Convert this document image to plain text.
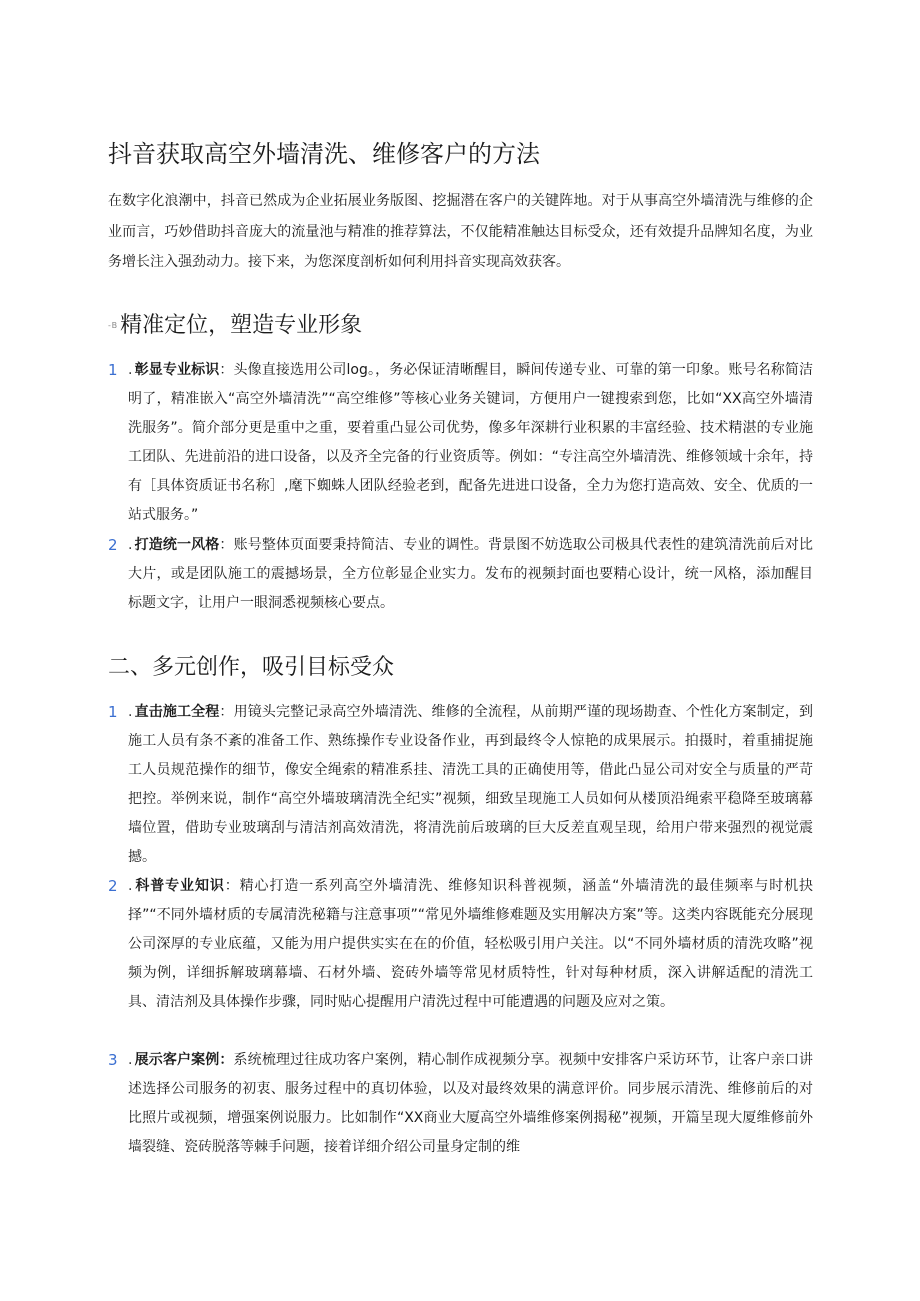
抖音获取高空外墙清洗、维修客户的方法

在数字化浪潮中，抖音已然成为企业拓展业务版图、挖掘潜在客户的关键阵地。对于从事高空外墙清洗与维修的企业而言，巧妙借助抖音庞大的流量池与精准的推荐算法，不仅能精准触达目标受众，还有效提升品牌知名度，为业务增长注入强劲动力。接下来，为您深度剖析如何利用抖音实现高效获客。

-B精准定位，塑造专业形象
1 . 彰显专业标识：头像直接选用公司log。，务必保证清晰醒目，瞬间传递专业、可靠的第一印象。账号名称简洁明了，精准嵌入“高空外墙清洗”“高空维修”等核心业务关键词，方便用户一键搜索到您，比如“XX高空外墙清洗服务”。简介部分更是重中之重，要着重凸显公司优势，像多年深耕行业积累的丰富经验、技术精湛的专业施工团队、先进前沿的进口设备，以及齐全完备的行业资质等。例如：“专注高空外墙清洗、维修领域十余年，持有［具体资质证书名称］,麾下蜘蛛人团队经验老到，配备先进进口设备，全力为您打造高效、安全、优质的一站式服务。”
2 . 打造统一风格：账号整体页面要秉持简洁、专业的调性。背景图不妨选取公司极具代表性的建筑清洗前后对比大片，或是团队施工的震撼场景，全方位彰显企业实力。发布的视频封面也要精心设计，统一风格，添加醒目标题文字，让用户一眼洞悉视频核心要点。
二、多元创作，吸引目标受众
1 . 直击施工全程：用镜头完整记录高空外墙清洗、维修的全流程，从前期严谨的现场勘查、个性化方案制定，到施工人员有条不紊的准备工作、熟练操作专业设备作业，再到最终令人惊艳的成果展示。拍摄时，着重捕捉施工人员规范操作的细节，像安全绳索的精准系挂、清洗工具的正确使用等，借此凸显公司对安全与质量的严苛把控。举例来说，制作“高空外墙玻璃清洗全纪实”视频，细致呈现施工人员如何从楼顶沿绳索平稳降至玻璃幕墙位置，借助专业玻璃刮与清洁剂高效清洗，将清洗前后玻璃的巨大反差直观呈现，给用户带来强烈的视觉震撼。
2 . 科普专业知识：精心打造一系列高空外墙清洗、维修知识科普视频，涵盖“外墙清洗的最佳频率与时机抉择”“不同外墙材质的专属清洗秘籍与注意事项”“常见外墙维修难题及实用解决方案”等。这类内容既能充分展现公司深厚的专业底蕴，又能为用户提供实实在在的价值，轻松吸引用户关注。以“不同外墙材质的清洗攻略”视频为例，详细拆解玻璃幕墙、石材外墙、瓷砖外墙等常见材质特性，针对每种材质，深入讲解适配的清洗工具、清洁剂及具体操作步骤，同时贴心提醒用户清洗过程中可能遭遇的问题及应对之策。
3 . 展示客户案例：系统梳理过往成功客户案例，精心制作成视频分享。视频中安排客户采访环节，让客户亲口讲述选择公司服务的初衷、服务过程中的真切体验，以及对最终效果的满意评价。同步展示清洗、维修前后的对比照片或视频，增强案例说服力。比如制作“XX商业大厦高空外墙维修案例揭秘”视频，开篇呈现大厦维修前外墙裂缝、瓷砖脱落等棘手问题，接着详细介绍公司量身定制的维
